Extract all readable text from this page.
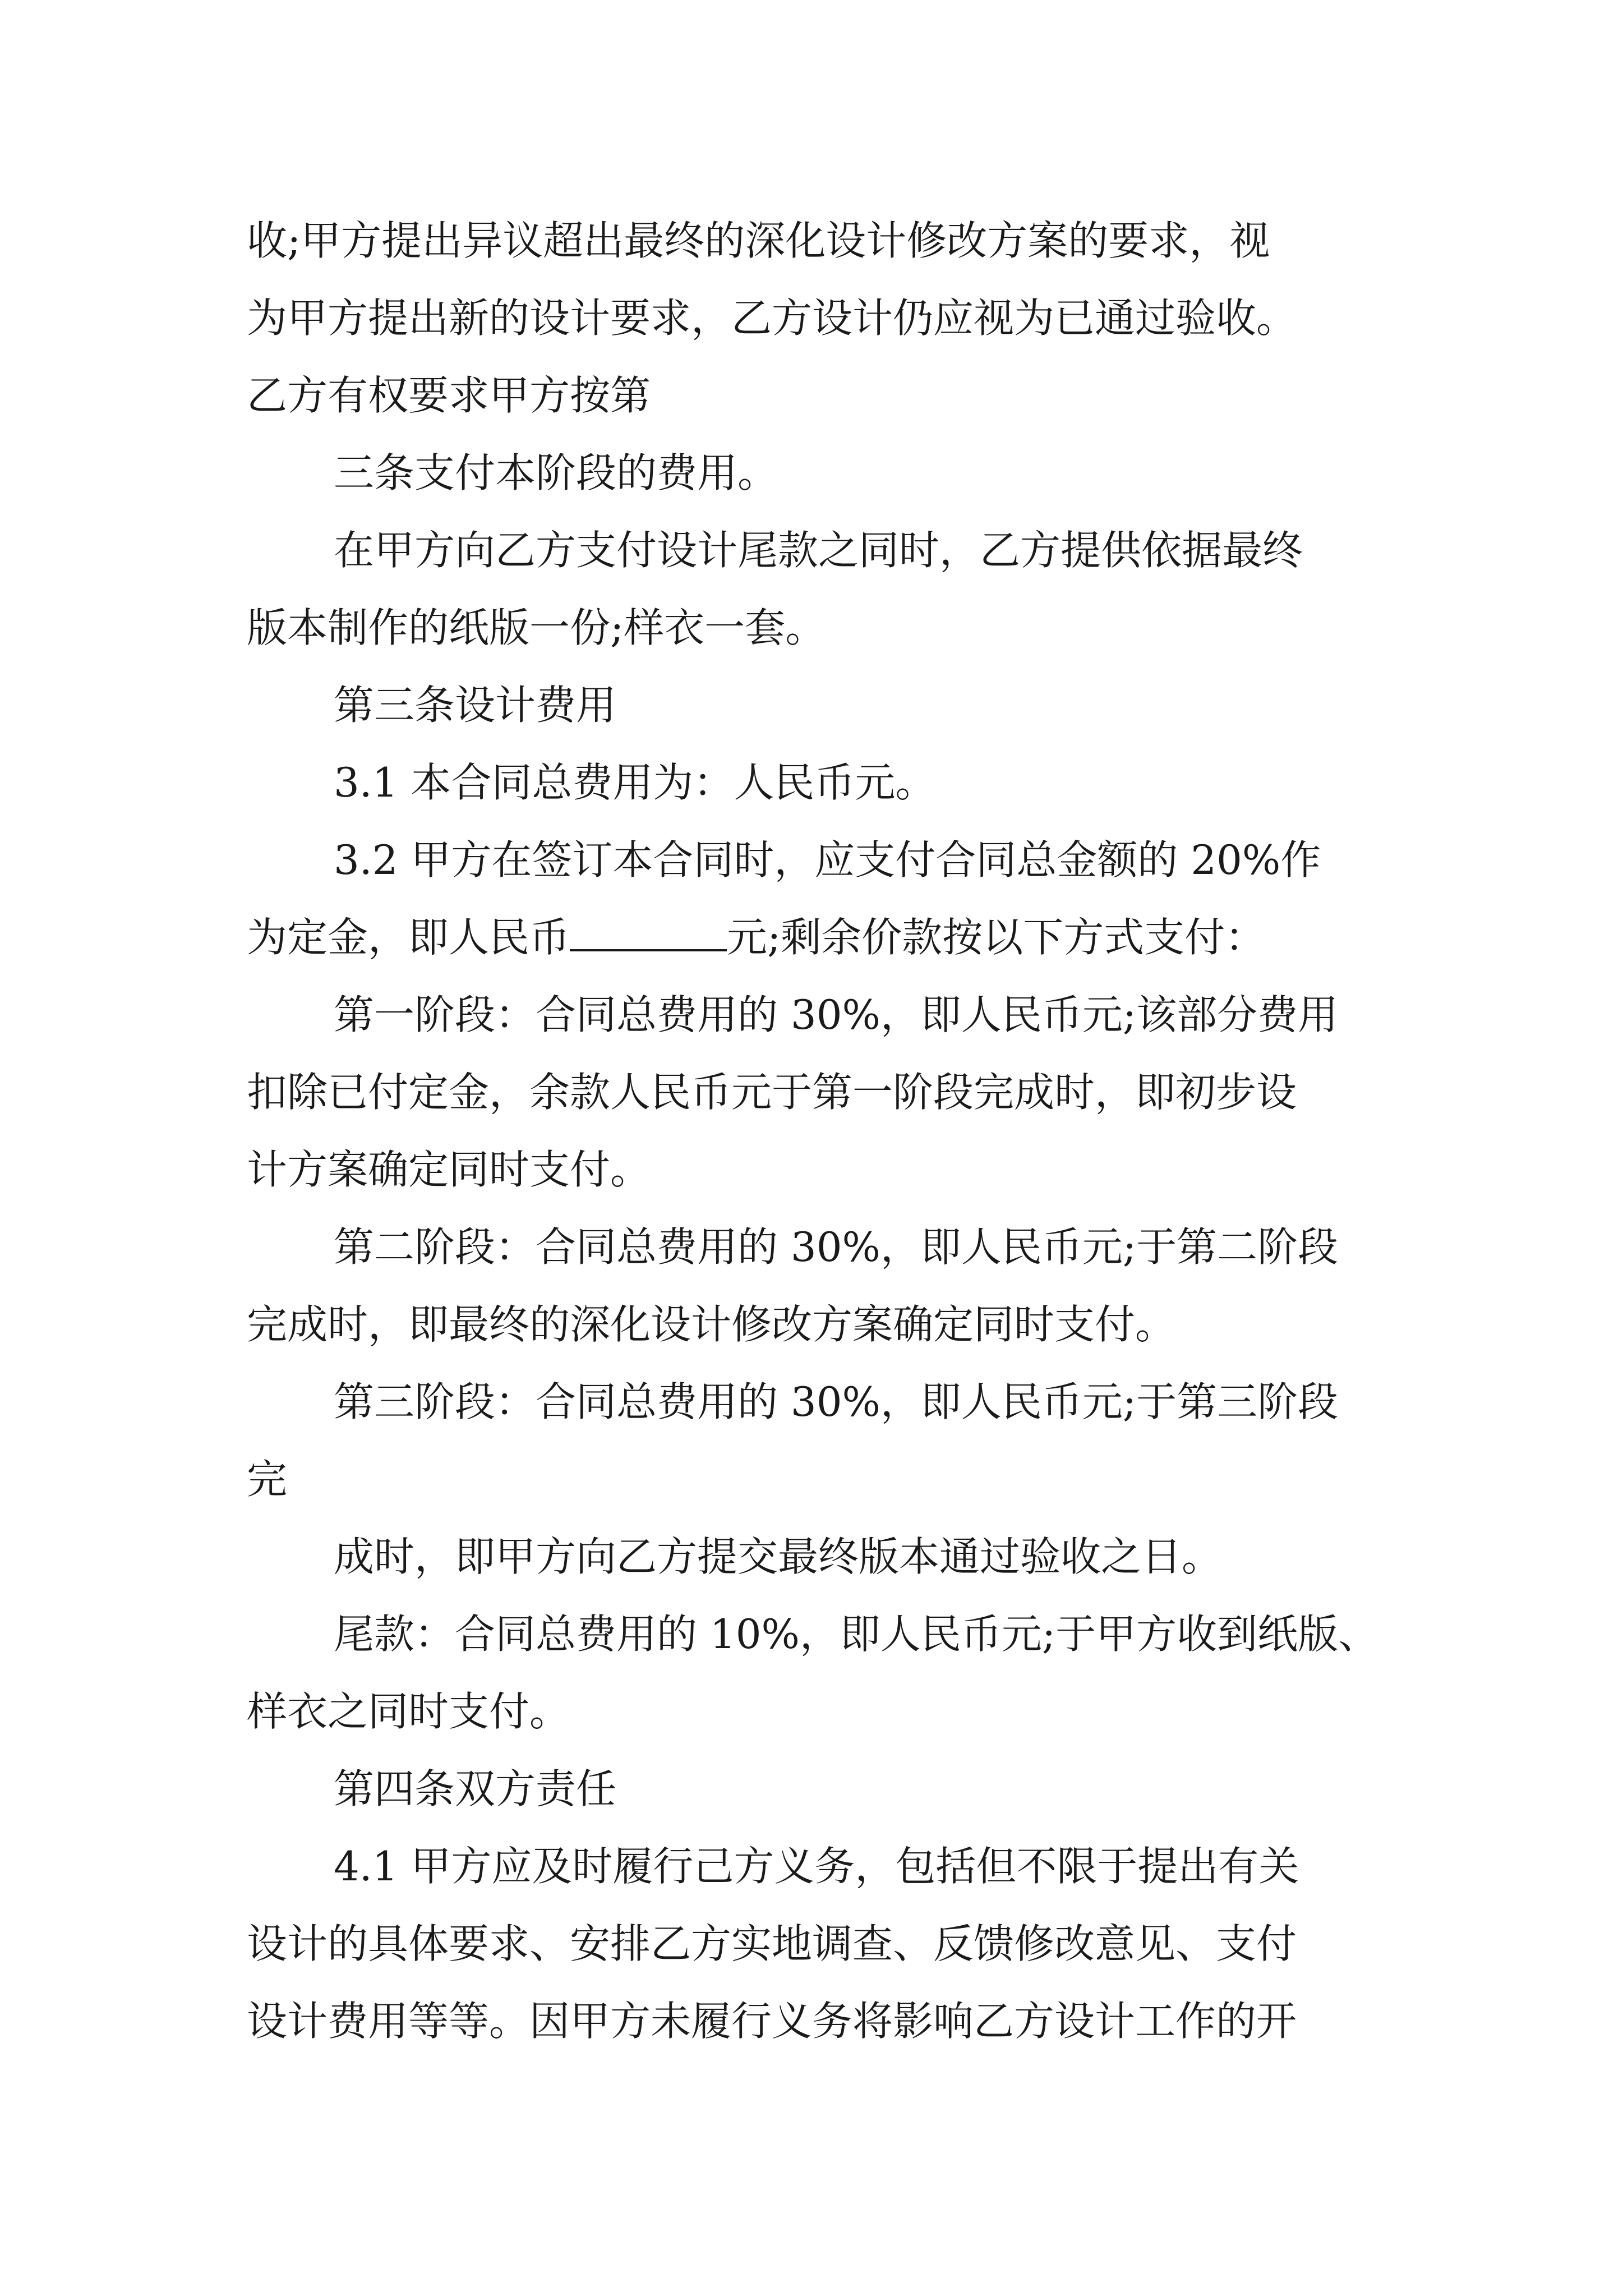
收;甲方提出异议超出最终的深化设计修改方案的要求，视
为甲方提出新的设计要求，乙方设计仍应视为已通过验收。
乙方有权要求甲方按第
三条支付本阶段的费用。
在甲方向乙方支付设计尾款之同时，乙方提供依据最终
版本制作的纸版一份;样衣一套。
第三条设计费用
3.1 本合同总费用为：人民币元。
3.2 甲方在签订本合同时，应支付合同总金额的 20%作
为定金，即人民币	元;剩余价款按以下方式支付：
第一阶段：合同总费用的 30%，即人民币元;该部分费用
扣除已付定金，余款人民币元于第一阶段完成时，即初步设
计方案确定同时支付。
第二阶段：合同总费用的 30%，即人民币元;于第二阶段
完成时，即最终的深化设计修改方案确定同时支付。
第三阶段：合同总费用的 30%，即人民币元;于第三阶段
完
成时，即甲方向乙方提交最终版本通过验收之日。
尾款：合同总费用的 10%，即人民币元;于甲方收到纸版、
样衣之同时支付。
第四条双方责任
4.1 甲方应及时履行己方义务，包括但不限于提出有关
设计的具体要求、安排乙方实地调查、反馈修改意见、支付
设计费用等等。因甲方未履行义务将影响乙方设计工作的开
